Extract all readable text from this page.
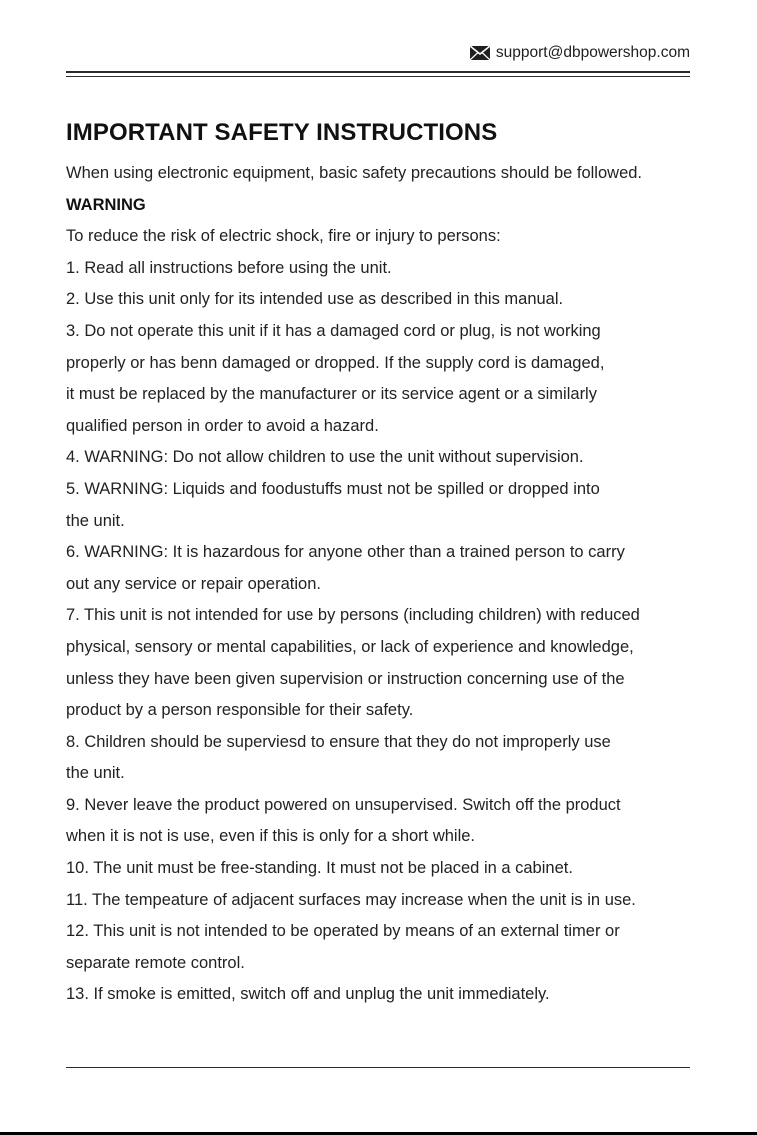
support@dbpowershop.com
IMPORTANT SAFETY INSTRUCTIONS
When using electronic equipment, basic safety precautions should be followed.
WARNING
To reduce the risk of electric shock, fire or injury to persons:
1. Read all instructions before using the unit.
2. Use this unit only for its intended use as described in this manual.
3. Do not operate this unit if it has a damaged cord or plug, is not working
properly or has benn damaged or dropped. If the supply cord is damaged,
it must be replaced by the manufacturer or its service agent or a similarly
qualified person in order to avoid a hazard.
4. WARNING: Do not allow children to use the unit without supervision.
5. WARNING: Liquids and foodustuffs must not be spilled or dropped into
the unit.
6. WARNING: It is hazardous for anyone other than a trained person to carry
out any service or repair operation.
7. This unit is not intended for use by persons (including children) with reduced
physical, sensory or mental capabilities, or lack of experience and knowledge,
unless they have been given supervision or instruction concerning use of the
product by a person responsible for their safety.
8. Children should be superviesd to ensure that they do not improperly use
the unit.
9. Never leave the product powered on unsupervised. Switch off the product
when it is not is use, even if this is only for a short while.
10. The unit must be free-standing. It must not be placed in a cabinet.
11. The tempeature of adjacent surfaces may increase when the unit is in use.
12. This unit is not intended to be operated by means of an external timer or
separate remote control.
13. If smoke is emitted, switch off and unplug the unit immediately.
